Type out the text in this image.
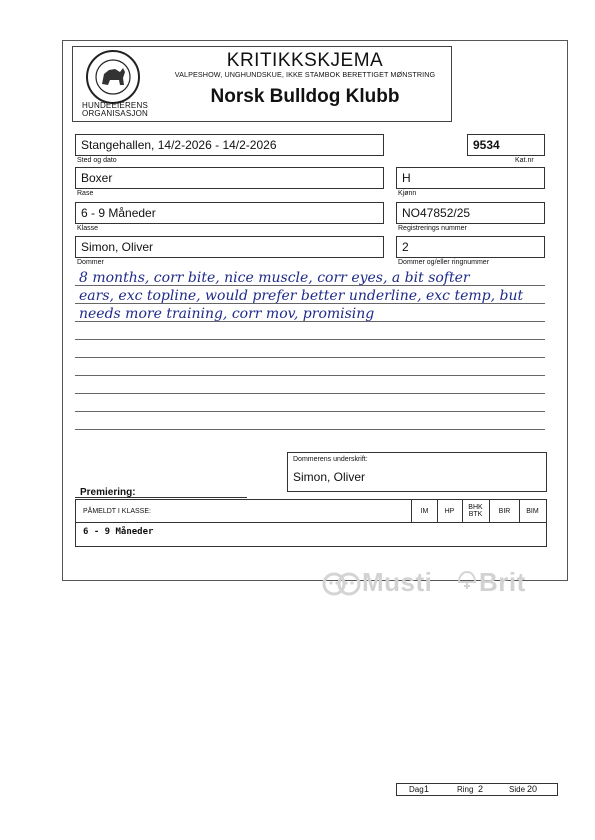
HUNDEEIERENS
ORGANISASJON
KRITIKKSKJEMA
VALPESHOW, UNGHUNDSKUE, IKKE STAMBOK BERETTIGET MØNSTRING
Norsk Bulldog Klubb
Stangehallen, 14/2-2026 - 14/2-2026
Sted og dato
9534
Kat.nr
Boxer
Rase
H
Kjønn
6 - 9 Måneder
Klasse
NO47852/25
Registrerings nummer
Simon, Oliver
Dommer
2
Dommer og/eller ringnummer
8 months, corr bite, nice muscle, corr eyes, a bit softer
ears, exc topline, would prefer better underline, exc temp, but
needs more training, corr mov, promising
Dommerens underskrift:
Simon, Oliver
Premiering:
PÅMELDT I KLASSE:	IM	HP	BHK BTK	BIR	BIM
6 - 9 Måneder
Musti Brit
Dag 1	Ring 2	Side 20
